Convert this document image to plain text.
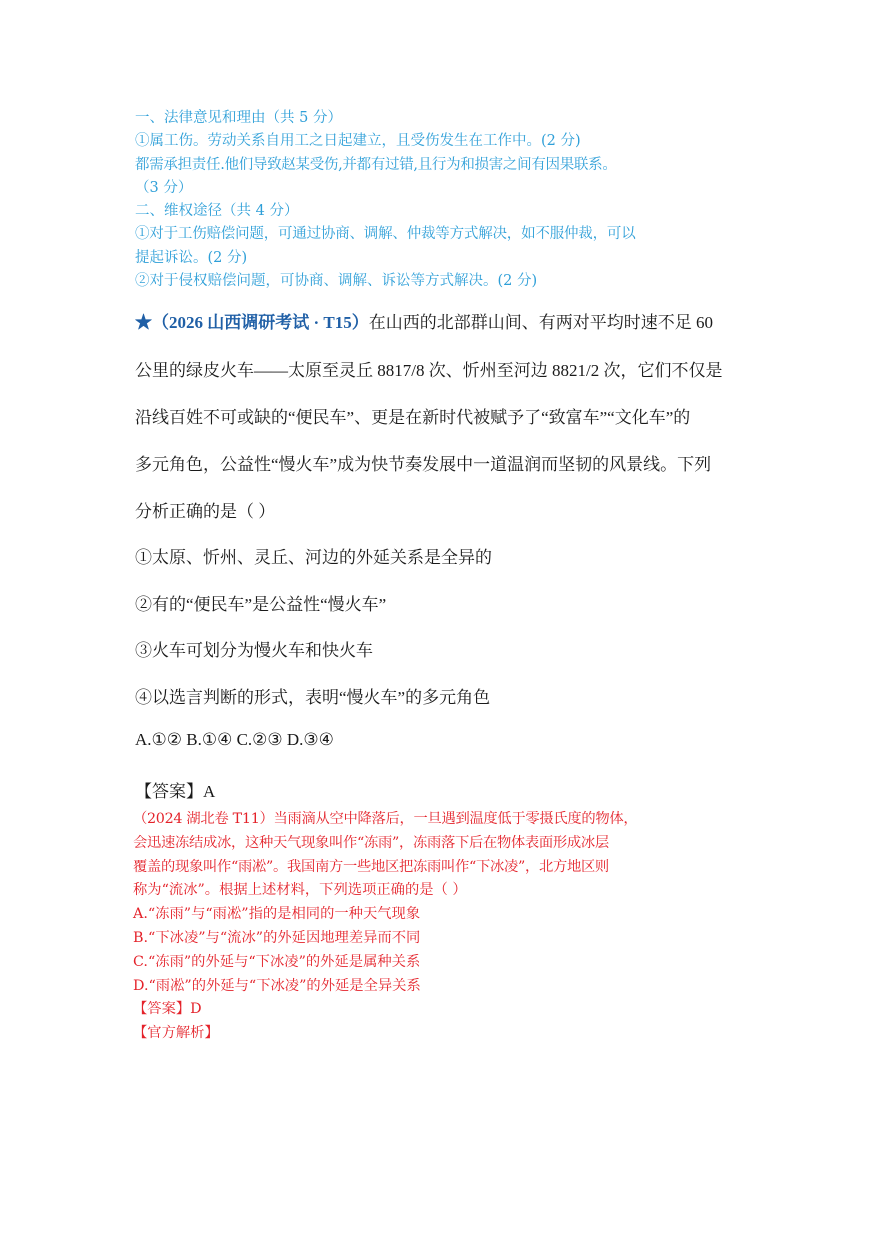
一、法律意见和理由（共 5 分）
①属工伤。劳动关系自用工之日起建立，且受伤发生在工作中。(2 分)
都需承担责任.他们导致赵某受伤,并都有过错,且行为和损害之间有因果联系。
（3 分）
二、维权途径（共 4 分）
①对于工伤赔偿问题，可通过协商、调解、仲裁等方式解决，如不服仲裁，可以
提起诉讼。(2 分)
②对于侵权赔偿问题，可协商、调解、诉讼等方式解决。(2 分)
★（2026 山西调研考试 · T15）在山西的北部群山间、有两对平均时速不足 60
公里的绿皮火车——太原至灵丘 8817/8 次、忻州至河边 8821/2 次，它们不仅是
沿线百姓不可或缺的“便民车”、更是在新时代被赋予了“致富车”“文化车”的
多元角色，公益性“慢火车”成为快节奏发展中一道温润而坚韧的风景线。下列
分析正确的是（ ）
①太原、忻州、灵丘、河边的外延关系是全异的
②有的“便民车”是公益性“慢火车”
③火车可划分为慢火车和快火车
④以选言判断的形式，表明“慢火车”的多元角色
A.①② B.①④ C.②③ D.③④
【答案】A
（2024 湖北卷 T11）当雨滴从空中降落后，一旦遇到温度低于零摄氏度的物体，
会迅速冻结成冰，这种天气现象叫作“冻雨”，冻雨落下后在物体表面形成冰层
覆盖的现象叫作“雨凇”。我国南方一些地区把冻雨叫作“下冰凌”，北方地区则
称为“流冰”。根据上述材料，下列选项正确的是（ ）
A.“冻雨”与“雨凇”指的是相同的一种天气现象
B.“下冰凌”与“流冰”的外延因地理差异而不同
C.“冻雨”的外延与“下冰凌”的外延是属种关系
D.“雨凇”的外延与“下冰凌”的外延是全异关系
【答案】D
【官方解析】
